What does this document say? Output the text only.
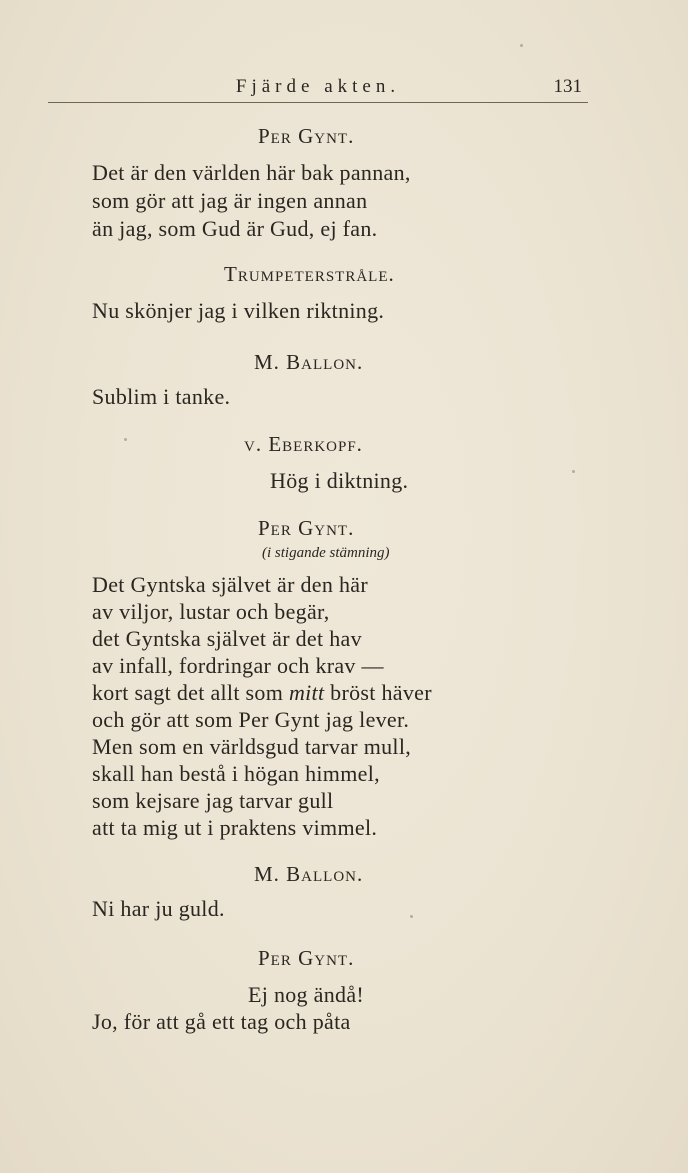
Fjärde akten.	131
Per Gynt.
Det är den världen här bak pannan,
som gör att jag är ingen annan
än jag, som Gud är Gud, ej fan.
Trumpeterstråle.
Nu skönjer jag i vilken riktning.
M. Ballon.
Sublim i tanke.
v. Eberkopf.
Hög i diktning.
Per Gynt.
(i stigande stämning)
Det Gyntska självet är den här
av viljor, lustar och begär,
det Gyntska självet är det hav
av infall, fordringar och krav —
kort sagt det allt som mitt bröst häver
och gör att som Per Gynt jag lever.
Men som en världsgud tarvar mull,
skall han bestå i högan himmel,
som kejsare jag tarvar gull
att ta mig ut i praktens vimmel.
M. Ballon.
Ni har ju guld.
Per Gynt.
Ej nog ändå!
Jo, för att gå ett tag och påta
